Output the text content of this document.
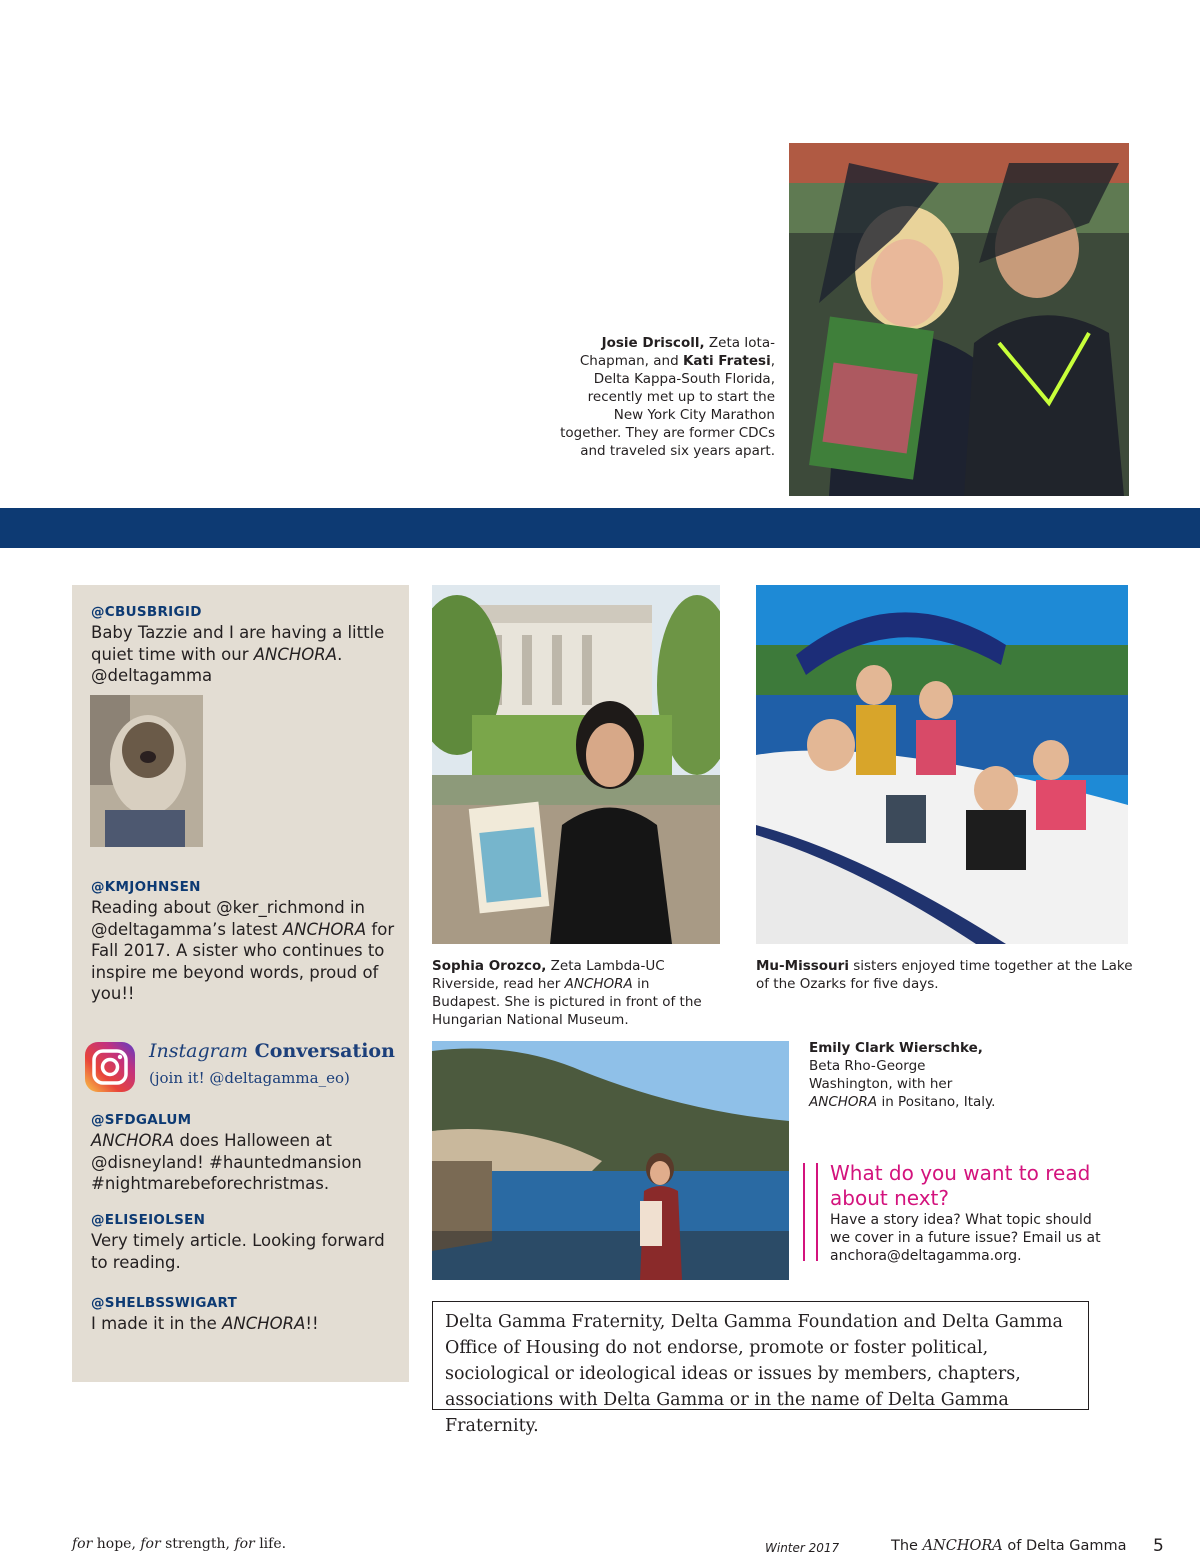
Josie Driscoll, Zeta Iota-Chapman, and Kati Fratesi, Delta Kappa-South Florida, recently met up to start the New York City Marathon together. They are former CDCs and traveled six years apart.
@CBUSBRIGID
Baby Tazzie and I are having a little quiet time with our ANCHORA. @deltagamma
@KMJOHNSEN
Reading about @ker_richmond in @deltagamma’s latest ANCHORA for Fall 2017. A sister who continues to inspire me beyond words, proud of you!!
Instagram Conversation
(join it! @deltagamma_eo)
@SFDGALUM
ANCHORA does Halloween at @disneyland! #hauntedmansion #nightmarebeforechristmas.
@ELISEIOLSEN
Very timely article. Looking forward to reading.
@SHELBSSWIGART
I made it in the ANCHORA!!
Sophia Orozco, Zeta Lambda-UC Riverside, read her ANCHORA in Budapest. She is pictured in front of the Hungarian National Museum.
Mu-Missouri sisters enjoyed time together at the Lake of the Ozarks for five days.
Emily Clark Wierschke,
Beta Rho-George Washington, with her
ANCHORA in Positano, Italy.
What do you want to read about next?
Have a story idea? What topic should we cover in a future issue? Email us at anchora@deltagamma.org.
Delta Gamma Fraternity, Delta Gamma Foundation and Delta Gamma Office of Housing do not endorse, promote or foster political, sociological or ideological ideas or issues by members, chapters, associations with Delta Gamma or in the name of Delta Gamma Fraternity.
for hope, for strength, for life.	Winter 2017	The ANCHORA of Delta Gamma 5
